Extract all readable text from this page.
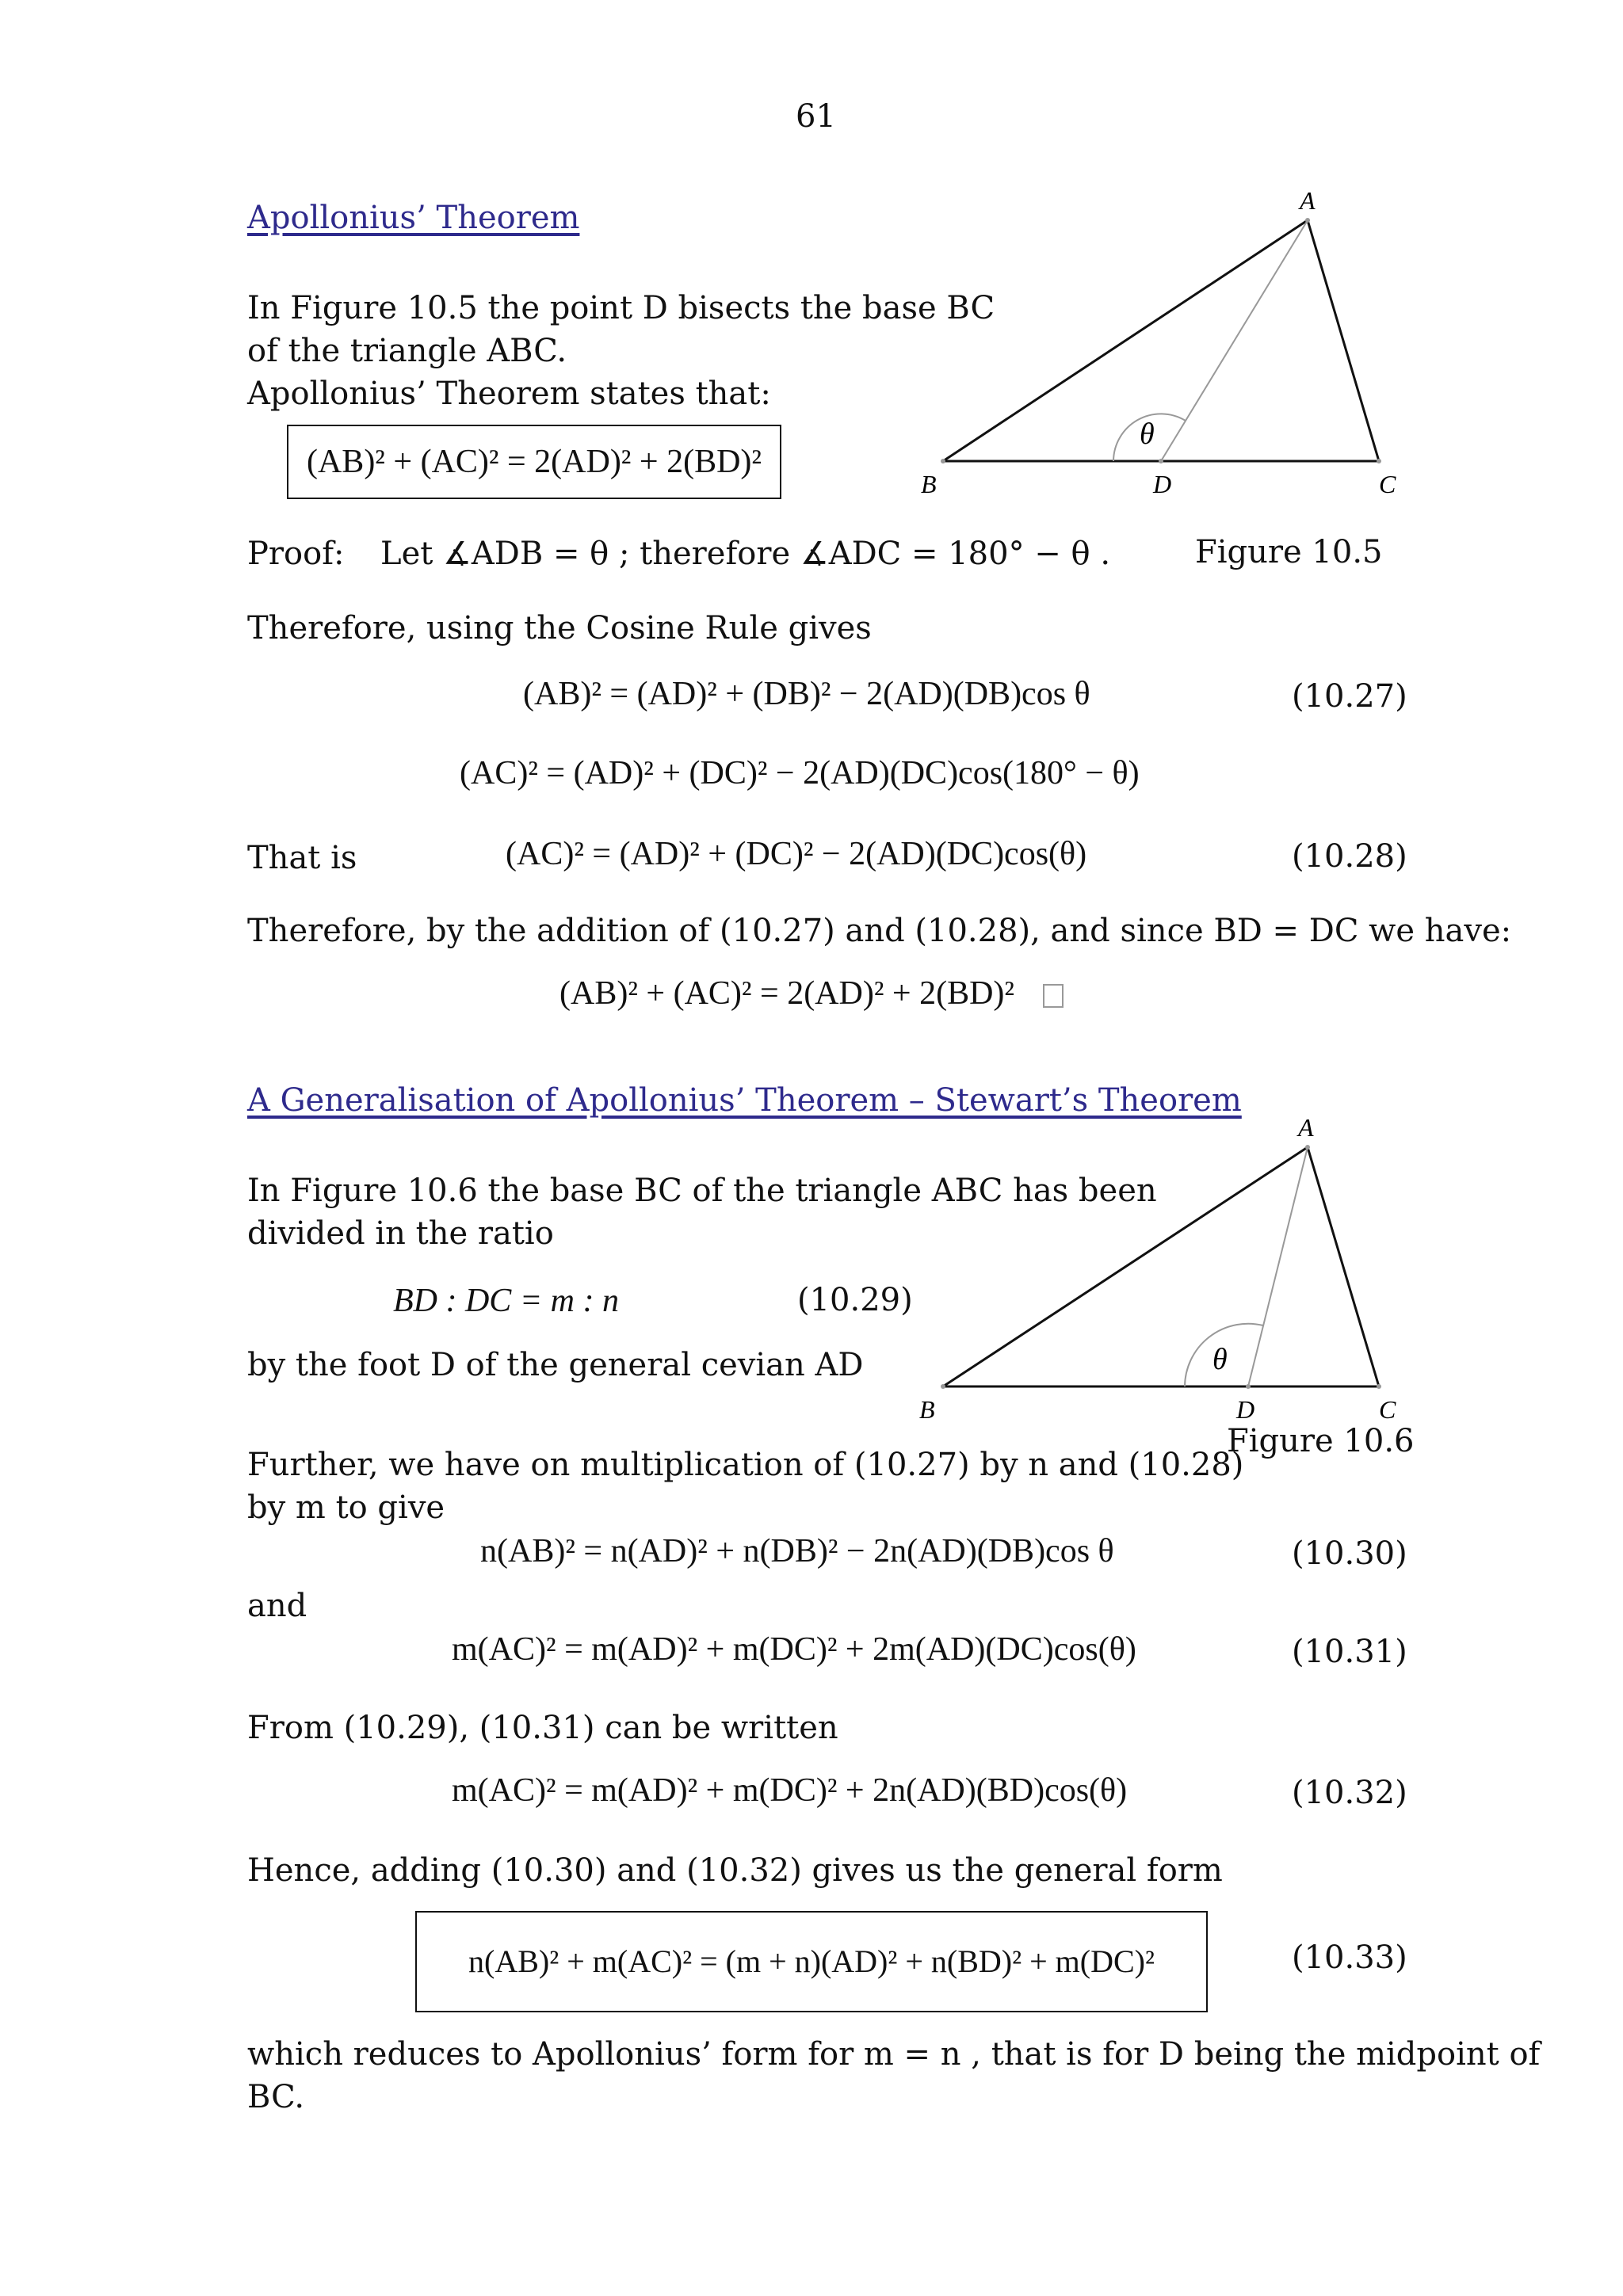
61
Apollonius’ Theorem
In Figure 10.5 the point D bisects the base BC
of the triangle ABC.
Apollonius’ Theorem states that:
(AB)² + (AC)² = 2(AD)² + 2(BD)²
A
B	D	C
θ
Proof: Let ∡ADB = θ ; therefore ∡ADC = 180° − θ .	Figure 10.5
Therefore, using the Cosine Rule gives
(AB)² = (AD)² + (DB)² − 2(AD)(DB)cos θ	(10.27)
(AC)² = (AD)² + (DC)² − 2(AD)(DC)cos(180° − θ)
That is	(AC)² = (AD)² + (DC)² − 2(AD)(DC)cos(θ)	(10.28)
Therefore, by the addition of (10.27) and (10.28), and since BD = DC we have:
(AB)² + (AC)² = 2(AD)² + 2(BD)²
A Generalisation of Apollonius’ Theorem – Stewart’s Theorem
In Figure 10.6 the base BC of the triangle ABC has been
divided in the ratio
BD : DC = m : n	(10.29)
by the foot D of the general cevian AD
A
B	D	C
θ
Figure 10.6
Further, we have on multiplication of (10.27) by n and (10.28)
by m to give
n(AB)² = n(AD)² + n(DB)² − 2n(AD)(DB)cos θ	(10.30)
and
m(AC)² = m(AD)² + m(DC)² + 2m(AD)(DC)cos(θ)	(10.31)
From (10.29), (10.31) can be written
m(AC)² = m(AD)² + m(DC)² + 2n(AD)(BD)cos(θ)	(10.32)
Hence, adding (10.30) and (10.32) gives us the general form
n(AB)² + m(AC)² = (m + n)(AD)² + n(BD)² + m(DC)²	(10.33)
which reduces to Apollonius’ form for m = n , that is for D being the midpoint of
BC.
